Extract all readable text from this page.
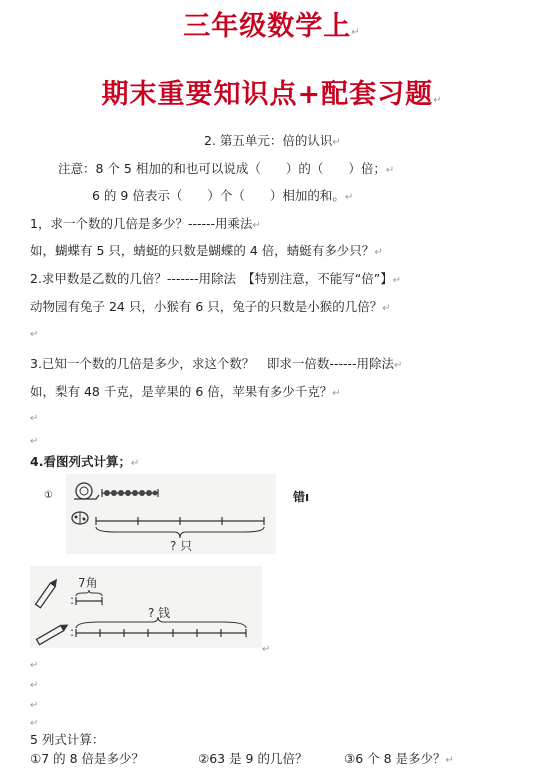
三年级数学上↵
期末重要知识点+配套习题↵
2. 第五单元：倍的认识↵
注意：8 个 5 相加的和也可以说成（　　）的（　　）倍；↵
6 的 9 倍表示（　　）个（　　）相加的和。↵
1，求一个数的几倍是多少？------用乘法↵
如，蝴蝶有 5 只，蜻蜓的只数是蝴蝶的 4 倍，蜻蜓有多少只？↵
2.求甲数是乙数的几倍？-------用除法　【特别注意，不能写“倍”】↵
动物园有兔子 24 只，小猴有 6 只，兔子的只数是小猴的几倍？↵
↵
3.已知一个数的几倍是多少，求这个数？　即求一倍数------用除法↵
如，梨有 48 千克，是苹果的 6 倍，苹果有多少千克？↵
↵
↵
4.看图列式计算；↵
①	错ı
? 只
:
:
7角
? 钱
↵
↵
↵
↵
↵
5 列式计算：
①7 的 8 倍是多少？	②63 是 9 的几倍？	③6 个 8 是多少？↵
